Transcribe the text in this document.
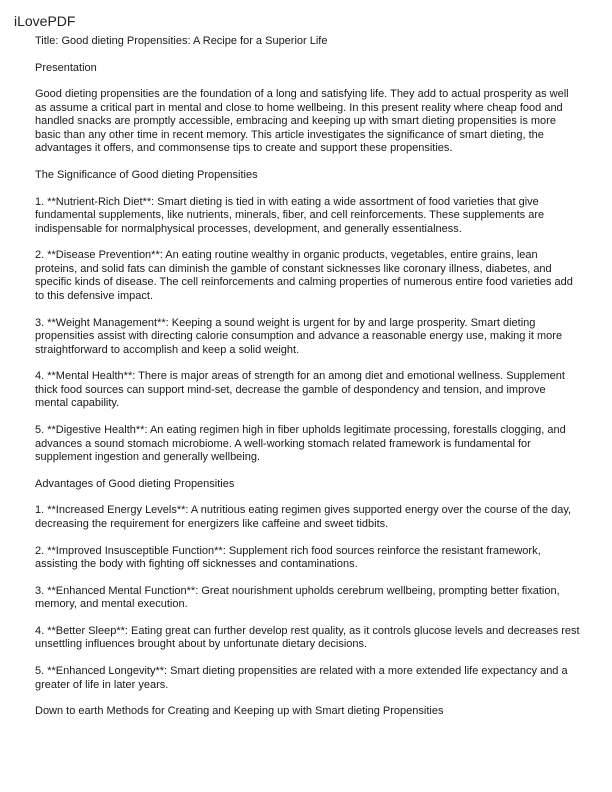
iLovePDF

Title: Good dieting Propensities: A Recipe for a Superior Life

Presentation

Good dieting propensities are the foundation of a long and satisfying life. They add to actual prosperity as well as assume a critical part in mental and close to home wellbeing. In this present reality where cheap food and handled snacks are promptly accessible, embracing and keeping up with smart dieting propensities is more basic than any other time in recent memory. This article investigates the significance of smart dieting, the advantages it offers, and commonsense tips to create and support these propensities.

The Significance of Good dieting Propensities

1. **Nutrient-Rich Diet**: Smart dieting is tied in with eating a wide assortment of food varieties that give fundamental supplements, like nutrients, minerals, fiber, and cell reinforcements. These supplements are indispensable for normalphysical processes, development, and generally essentialness.

2. **Disease Prevention**: An eating routine wealthy in organic products, vegetables, entire grains, lean proteins, and solid fats can diminish the gamble of constant sicknesses like coronary illness, diabetes, and specific kinds of disease. The cell reinforcements and calming properties of numerous entire food varieties add to this defensive impact.

3. **Weight Management**: Keeping a sound weight is urgent for by and large prosperity. Smart dieting propensities assist with directing calorie consumption and advance a reasonable energy use, making it more straightforward to accomplish and keep a solid weight.

4. **Mental Health**: There is major areas of strength for an among diet and emotional wellness. Supplement thick food sources can support mind-set, decrease the gamble of despondency and tension, and improve mental capability.

5. **Digestive Health**: An eating regimen high in fiber upholds legitimate processing, forestalls clogging, and advances a sound stomach microbiome. A well-working stomach related framework is fundamental for supplement ingestion and generally wellbeing.

Advantages of Good dieting Propensities

1. **Increased Energy Levels**: A nutritious eating regimen gives supported energy over the course of the day, decreasing the requirement for energizers like caffeine and sweet tidbits.

2. **Improved Insusceptible Function**: Supplement rich food sources reinforce the resistant framework, assisting the body with fighting off sicknesses and contaminations.

3. **Enhanced Mental Function**: Great nourishment upholds cerebrum wellbeing, prompting better fixation, memory, and mental execution.

4. **Better Sleep**: Eating great can further develop rest quality, as it controls glucose levels and decreases rest unsettling influences brought about by unfortunate dietary decisions.

5. **Enhanced Longevity**: Smart dieting propensities are related with a more extended life expectancy and a greater of life in later years.

Down to earth Methods for Creating and Keeping up with Smart dieting Propensities
